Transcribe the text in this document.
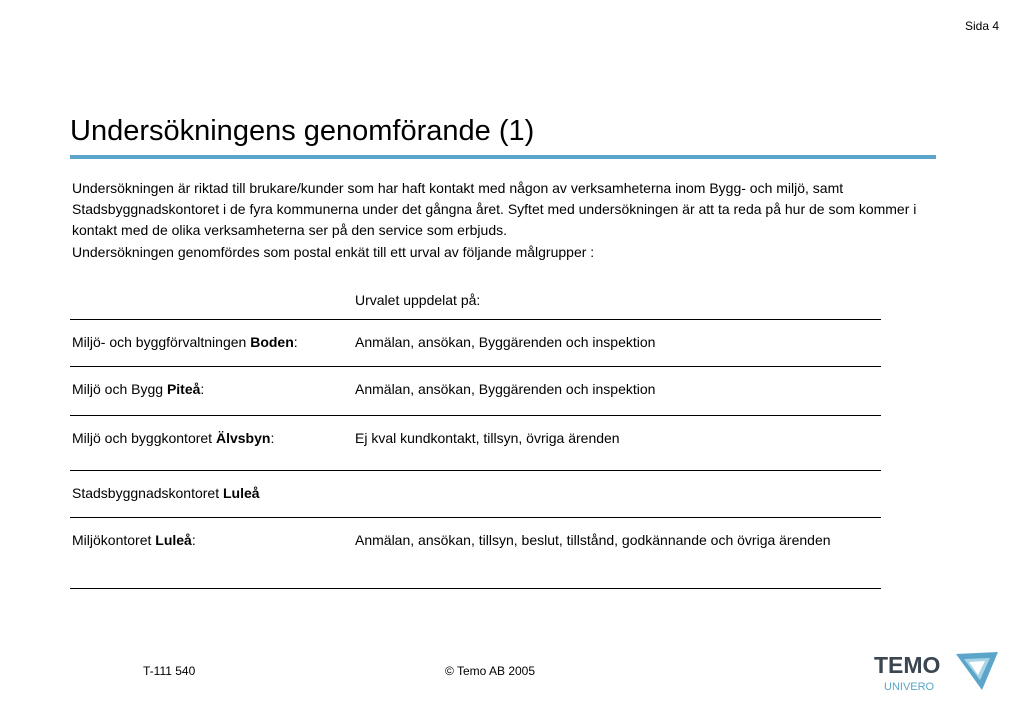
Sida 4
Undersökningens genomförande (1)

Undersökningen är riktad till brukare/kunder som har haft kontakt med någon av verksamheterna inom Bygg- och miljö, samt Stadsbyggnadskontoret i de fyra kommunerna under det gångna året. Syftet med undersökningen är att ta reda på hur de som kommer i kontakt med de olika verksamheterna ser på den service som erbjuds.

Undersökningen genomfördes som postal enkät till ett urval av följande målgrupper :

Urvalet uppdelat på:
Miljö- och byggförvaltningen Boden:	Anmälan, ansökan, Byggärenden och inspektion
Miljö och Bygg Piteå:	Anmälan, ansökan, Byggärenden och inspektion
Miljö och byggkontoret Älvsbyn:	Ej kval kundkontakt, tillsyn, övriga ärenden
Stadsbyggnadskontoret Luleå
Miljökontoret Luleå:	Anmälan, ansökan, tillsyn, beslut, tillstånd, godkännande och övriga ärenden
T-111 540	© Temo AB 2005	TEMO
UNIVERO
